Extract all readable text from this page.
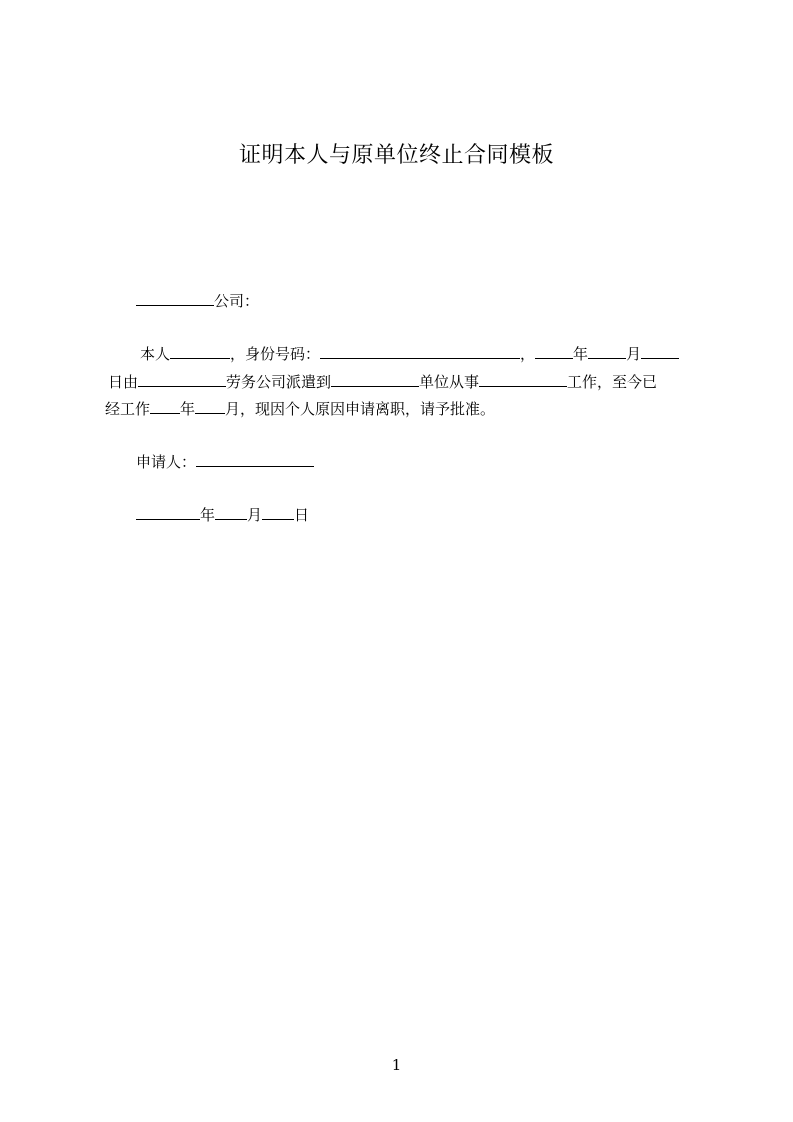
证明本人与原单位终止合同模板
公司：
本人	，身份号码：	，	年	月
日由	劳务公司派遣到	单位从事	工作，至今已
经工作 年 月，现因个人原因申请离职，请予批准。
申请人：
年 月 日
1
